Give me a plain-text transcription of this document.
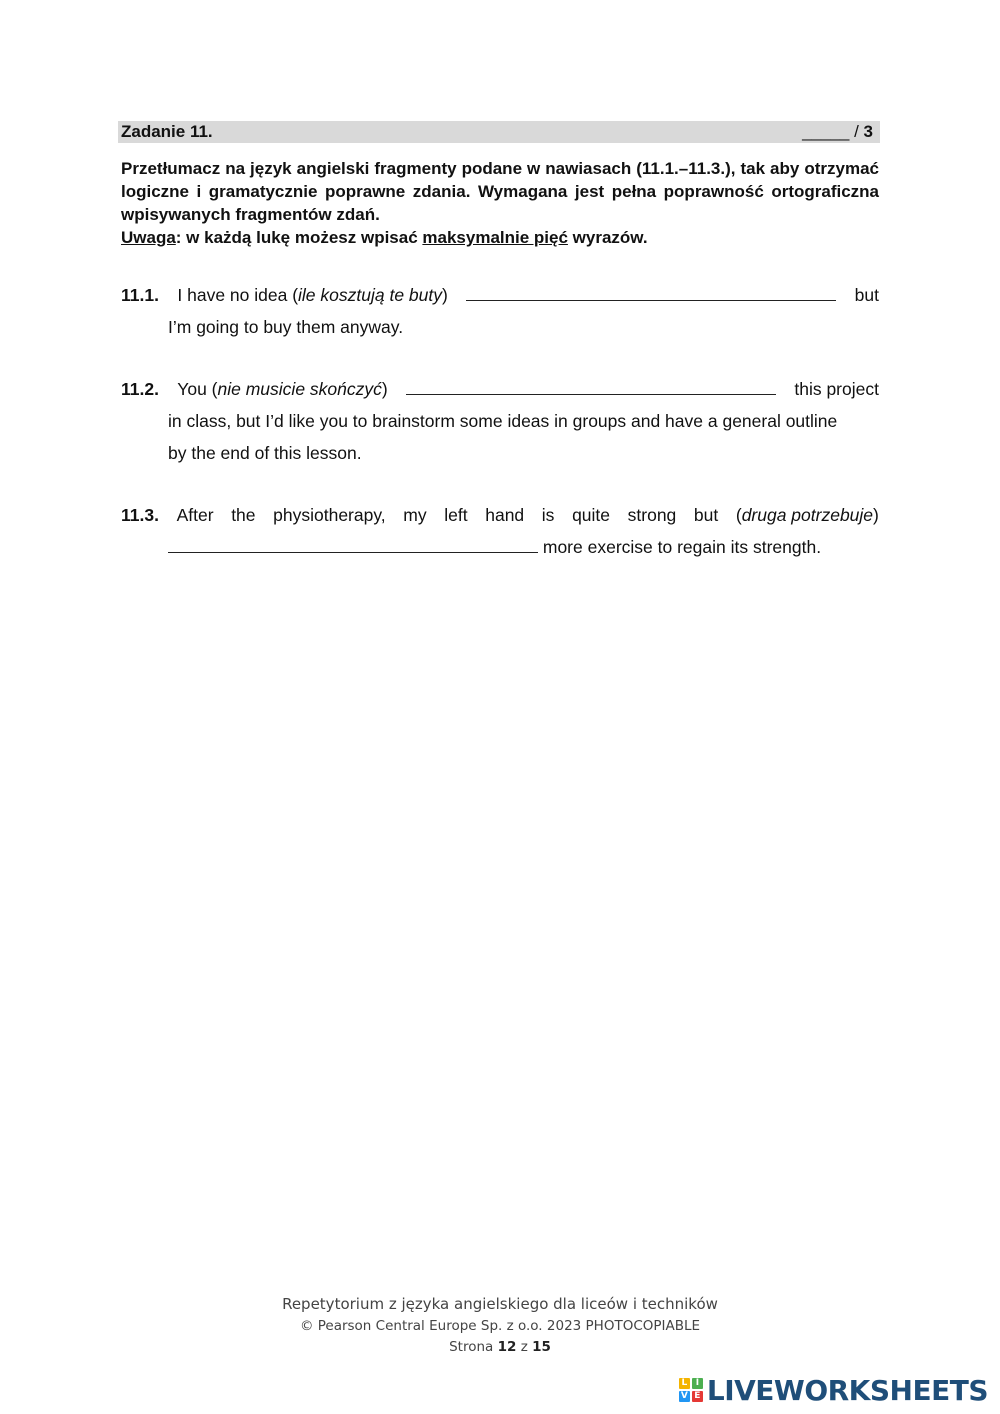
Zadanie 11.	_____ / 3

Przetłumacz na język angielski fragmenty podane w nawiasach (11.1.–11.3.), tak aby otrzymać logiczne i gramatycznie poprawne zdania. Wymagana jest pełna poprawność ortograficzna wpisywanych fragmentów zdań.

Uwaga: w każdą lukę możesz wpisać maksymalnie pięć wyrazów.

11.1. I have no idea (ile kosztują te buty)	but
I’m going to buy them anyway.
11.2. You (nie musicie skończyć)	this project
in class, but I’d like you to brainstorm some ideas in groups and have a general outline
by the end of this lesson.
11.3. After the physiotherapy, my left hand is quite strong but (druga potrzebuje)
more exercise to regain its strength.
Repetytorium z języka angielskiego dla liceów i techników
© Pearson Central Europe Sp. z o.o. 2023 PHOTOCOPIABLE
Strona 12 z 15
L I
V E LIVEWORKSHEETS
